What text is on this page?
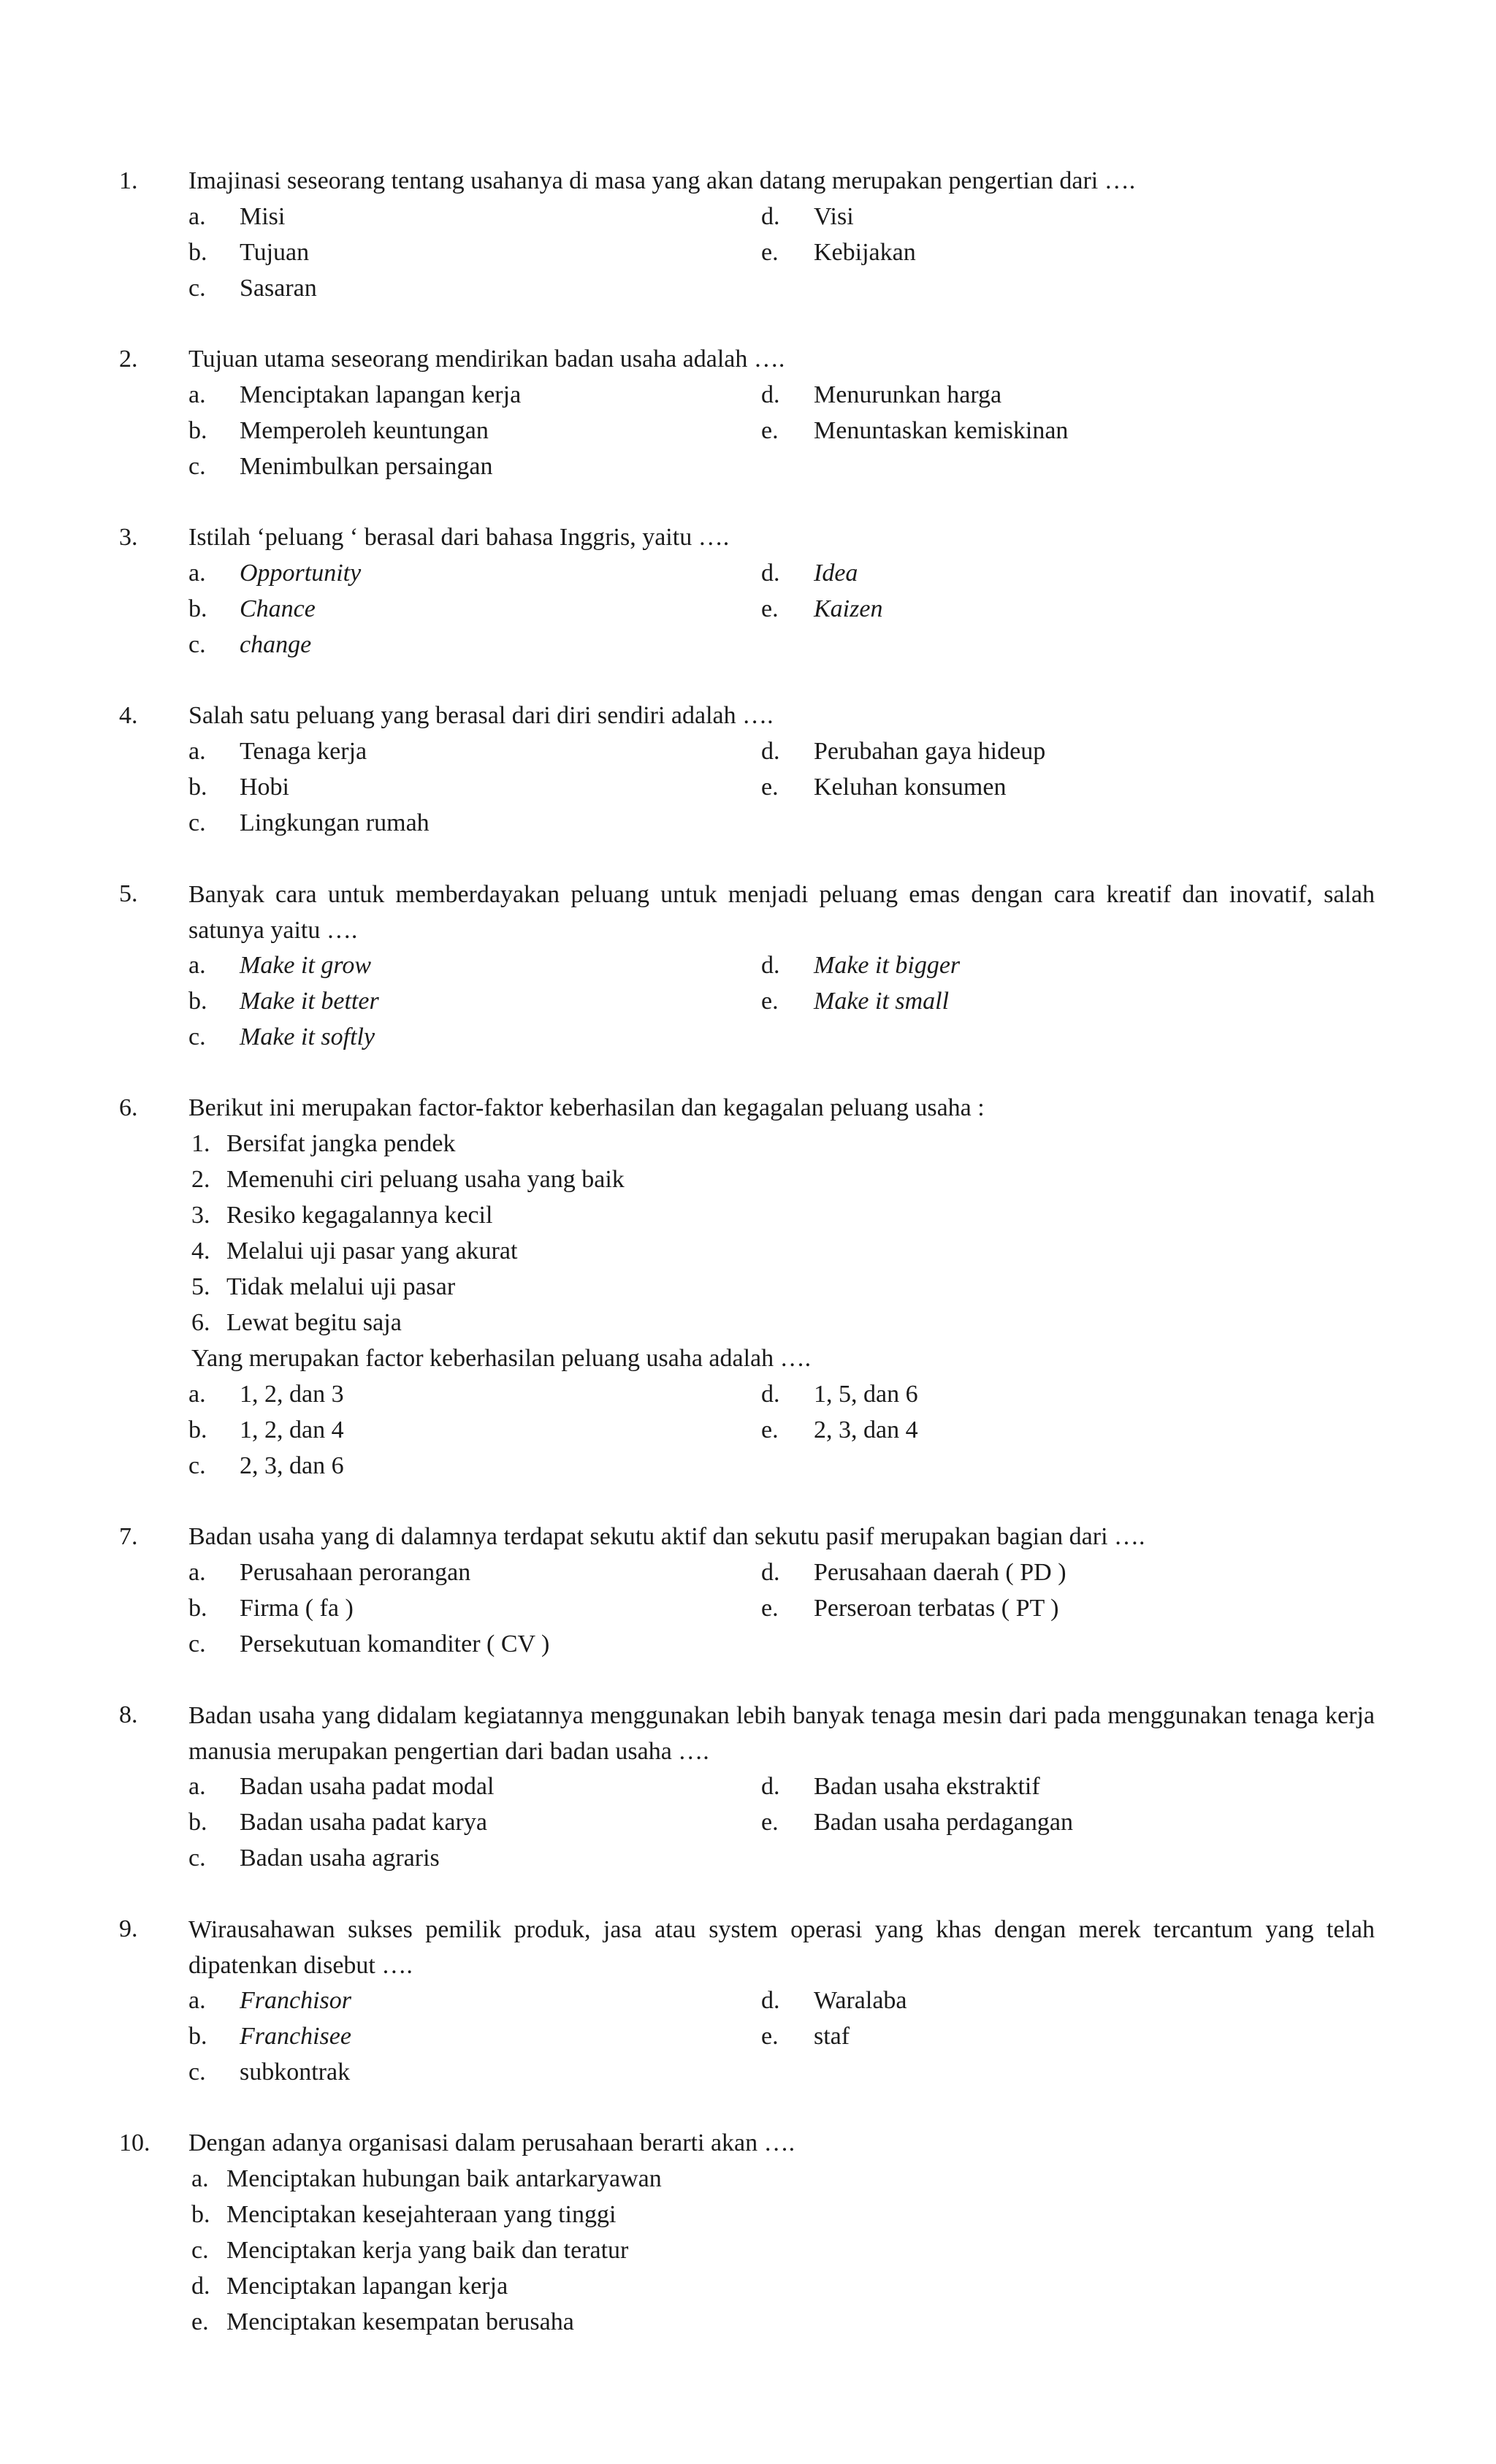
1. Imajinasi seseorang tentang usahanya di masa yang akan datang merupakan pengertian dari ….
a. Misi	d. Visi
b. Tujuan	e. Kebijakan
c. Sasaran
2. Tujuan utama seseorang mendirikan badan usaha adalah ….
a. Menciptakan lapangan kerja	d. Menurunkan harga
b. Memperoleh keuntungan	e. Menuntaskan kemiskinan
c. Menimbulkan persaingan
3. Istilah ‘peluang ‘ berasal dari bahasa Inggris, yaitu ….
a. Opportunity	d. Idea
b. Chance	e. Kaizen
c. change
4. Salah satu peluang yang berasal dari diri sendiri adalah ….
a. Tenaga kerja	d. Perubahan gaya hideup
b. Hobi	e. Keluhan konsumen
c. Lingkungan rumah
5. Banyak cara untuk memberdayakan peluang untuk menjadi peluang emas dengan cara kreatif dan inovatif, salah satunya yaitu ….
a. Make it grow	d. Make it bigger
b. Make it better	e. Make it small
c. Make it softly
6. Berikut ini merupakan factor-faktor keberhasilan dan kegagalan peluang usaha :
1. Bersifat jangka pendek
2. Memenuhi ciri peluang usaha yang baik
3. Resiko kegagalannya kecil
4. Melalui uji pasar yang akurat
5. Tidak melalui uji pasar
6. Lewat begitu saja
Yang merupakan factor keberhasilan peluang usaha adalah ….
a. 1, 2, dan 3	d. 1, 5, dan 6
b. 1, 2, dan 4	e. 2, 3, dan 4
c. 2, 3, dan 6
7. Badan usaha yang di dalamnya terdapat sekutu aktif dan sekutu pasif merupakan bagian dari ….
a. Perusahaan perorangan	d. Perusahaan daerah ( PD )
b. Firma ( fa )	e. Perseroan terbatas ( PT )
c. Persekutuan komanditer ( CV )
8. Badan usaha yang didalam kegiatannya menggunakan lebih banyak tenaga mesin dari pada menggunakan tenaga kerja manusia merupakan pengertian dari badan usaha ….
a. Badan usaha padat modal	d. Badan usaha ekstraktif
b. Badan usaha padat karya	e. Badan usaha perdagangan
c. Badan usaha agraris
9. Wirausahawan sukses pemilik produk, jasa atau system operasi yang khas dengan merek tercantum yang telah dipatenkan disebut ….
a. Franchisor	d. Waralaba
b. Franchisee	e. staf
c. subkontrak
10. Dengan adanya organisasi dalam perusahaan berarti akan ….
a. Menciptakan hubungan baik antarkaryawan
b. Menciptakan kesejahteraan yang tinggi
c. Menciptakan kerja yang baik dan teratur
d. Menciptakan lapangan kerja
e. Menciptakan kesempatan berusaha
